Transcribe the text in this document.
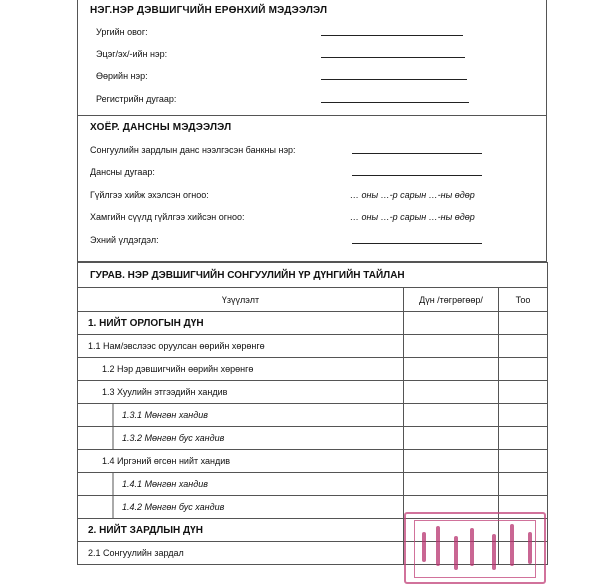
НЭГ.НЭР ДЭВШИГЧИЙН ЕРӨНХИЙ МЭДЭЭЛЭЛ
Ургийн овог:
Эцэг/эх/-ийн нэр:
Өөрийн нэр:
Регистрийн дугаар:
ХОЁР. ДАНСНЫ МЭДЭЭЛЭЛ
Сонгуулийн зардлын данс нээлгэсэн банкны нэр:
Дансны дугаар:
Гүйлгээ хийж эхэлсэн огноо:	… оны …-р сарын …-ны өдөр
Хамгийн сүүлд гүйлгээ хийсэн огноо:	… оны …-р сарын …-ны өдөр
Эхний үлдэгдэл:
ГУРАВ. НЭР ДЭВШИГЧИЙН СОНГУУЛИЙН ҮР ДҮНГИЙН ТАЙЛАН		
Үзүүлэлт	Дүн /төгрөгөөр/	Тоо
1. НИЙТ ОРЛОГЫН ДҮН		
1.1 Нам/эвслээс оруулсан өөрийн хөрөнгө		
1.2 Нэр дэвшигчийн өөрийн хөрөнгө		
1.3 Хуулийн этгээдийн хандив		
1.3.1 Мөнгөн хандив		
1.3.2 Мөнгөн бус хандив		
1.4 Иргэний өгсөн нийт хандив		
1.4.1 Мөнгөн хандив		
1.4.2 Мөнгөн бус хандив		
2. НИЙТ ЗАРДЛЫН ДҮН		
2.1 Сонгуулийн зардал		
